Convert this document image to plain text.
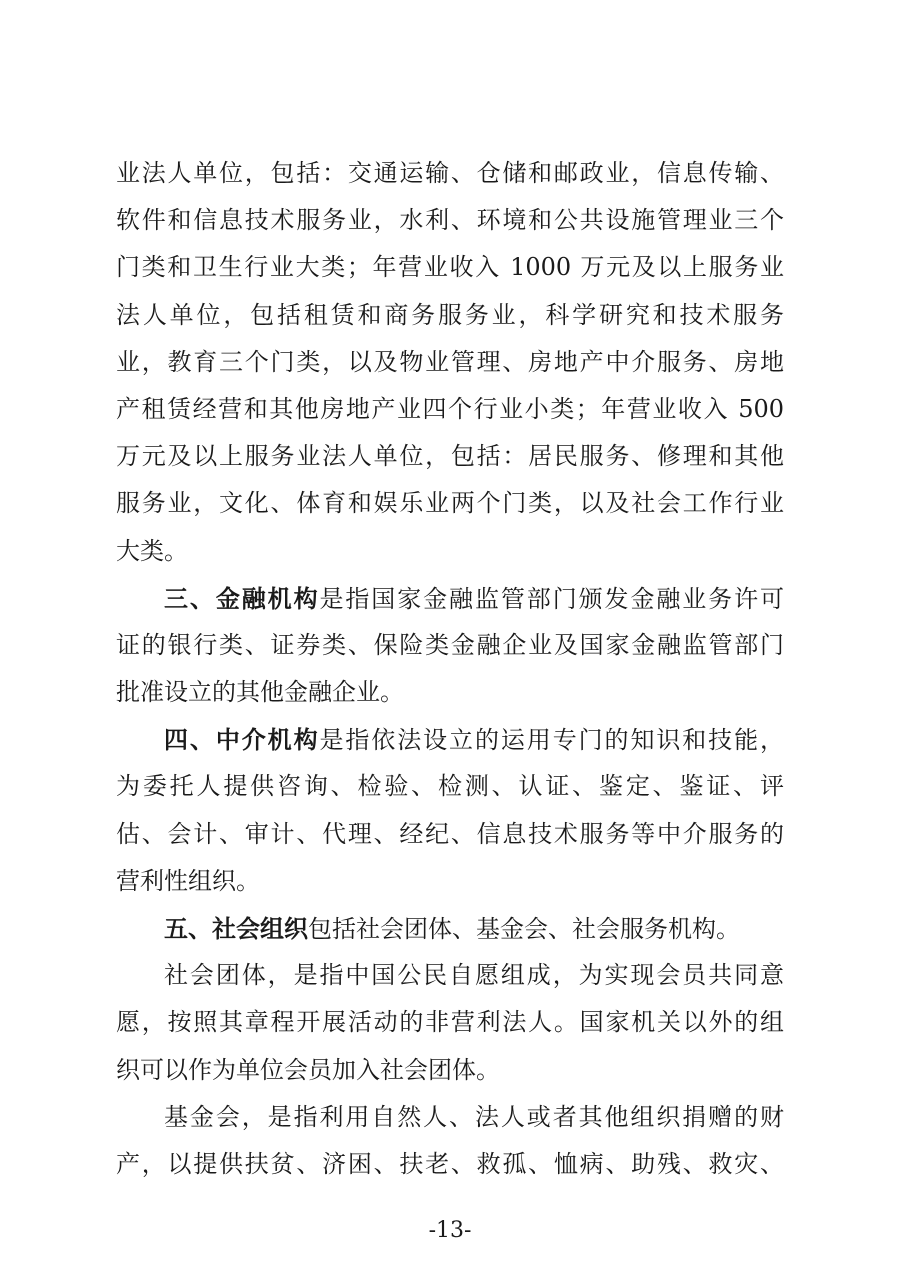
业法人单位，包括：交通运输、仓储和邮政业，信息传输、
软件和信息技术服务业，水利、环境和公共设施管理业三个
门类和卫生行业大类；年营业收入 1000 万元及以上服务业
法人单位，包括租赁和商务服务业，科学研究和技术服务
业，教育三个门类，以及物业管理、房地产中介服务、房地
产租赁经营和其他房地产业四个行业小类；年营业收入 500
万元及以上服务业法人单位，包括：居民服务、修理和其他
服务业，文化、体育和娱乐业两个门类，以及社会工作行业
大类。
三、金融机构是指国家金融监管部门颁发金融业务许可
证的银行类、证券类、保险类金融企业及国家金融监管部门
批准设立的其他金融企业。
四、中介机构是指依法设立的运用专门的知识和技能，
为委托人提供咨询、检验、检测、认证、鉴定、鉴证、评
估、会计、审计、代理、经纪、信息技术服务等中介服务的
营利性组织。
五、社会组织包括社会团体、基金会、社会服务机构。
社会团体，是指中国公民自愿组成，为实现会员共同意
愿，按照其章程开展活动的非营利法人。国家机关以外的组
织可以作为单位会员加入社会团体。
基金会，是指利用自然人、法人或者其他组织捐赠的财
产，以提供扶贫、济困、扶老、救孤、恤病、助残、救灾、
-13-
